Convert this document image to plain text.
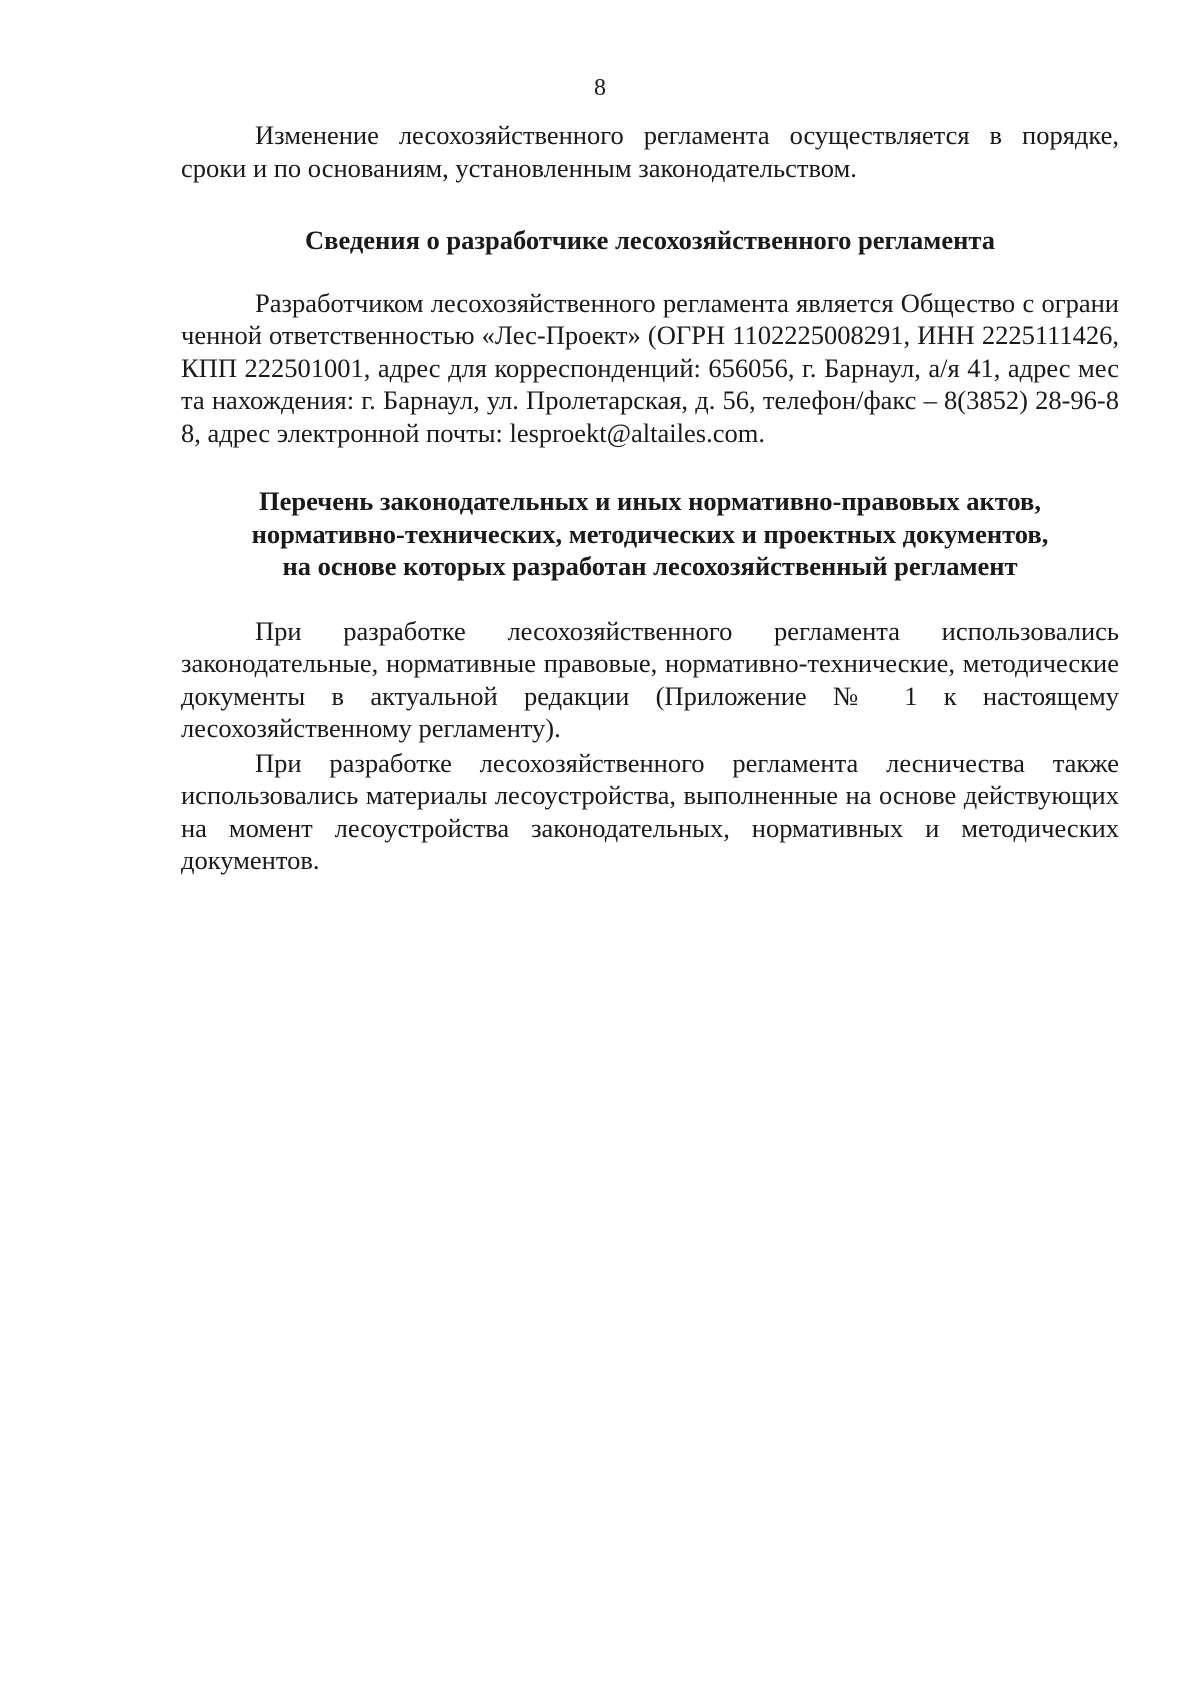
8

Изменение лесохозяйственного регламента осуществляется в порядке, сроки и по основаниям, установленным законодательством.

Сведения о разработчике лесохозяйственного регламента

Разработчиком лесохозяйственного регламента является Общество с ограниченной ответственностью «Лес-Проект» (ОГРН 1102225008291, ИНН 2225111426, КПП 222501001, адрес для корреспонденций: 656056, г. Барнаул, а/я 41, адрес места нахождения: г. Барнаул, ул. Пролетарская, д. 56, телефон/факс – 8(3852) 28-96-88, адрес электронной почты: lesproekt@altailes.com.

Перечень законодательных и иных нормативно-правовых актов,
нормативно-технических, методических и проектных документов,
на основе которых разработан лесохозяйственный регламент

При разработке лесохозяйственного регламента использовались законодательные, нормативные правовые, нормативно-технические, методические документы в актуальной редакции (Приложение № 1 к настоящему лесохозяйственному регламенту).

При разработке лесохозяйственного регламента лесничества также использовались материалы лесоустройства, выполненные на основе действующих на момент лесоустройства законодательных, нормативных и методических документов.
